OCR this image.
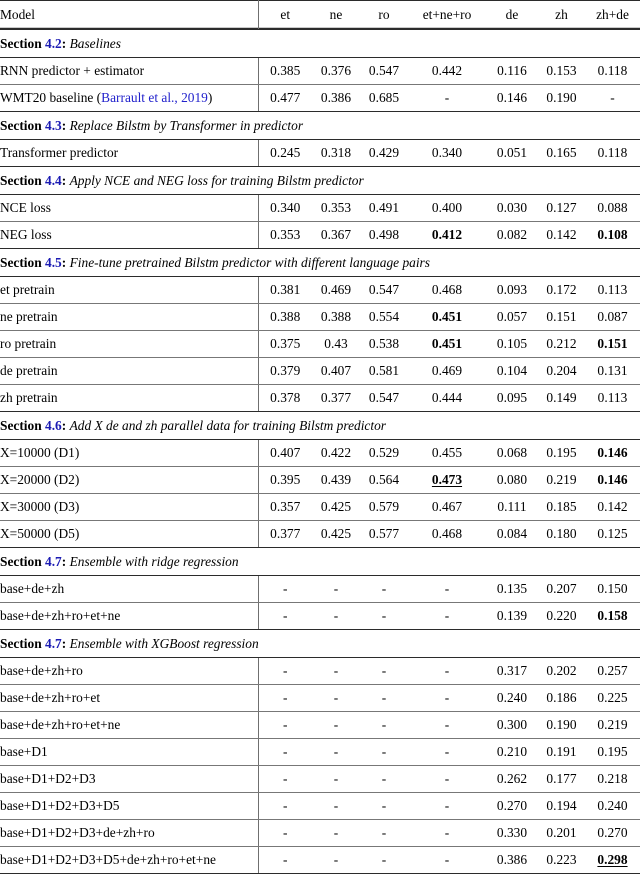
Model	et	ne	ro	et+ne+ro	de	zh	zh+de
Section 4.2: Baselines							
RNN predictor + estimator	0.385	0.376	0.547	0.442	0.116	0.153	0.118
WMT20 baseline (Barrault et al., 2019)	0.477	0.386	0.685	-	0.146	0.190	-
Section 4.3: Replace Bilstm by Transformer in predictor							
Transformer predictor	0.245	0.318	0.429	0.340	0.051	0.165	0.118
Section 4.4: Apply NCE and NEG loss for training Bilstm predictor							
NCE loss	0.340	0.353	0.491	0.400	0.030	0.127	0.088
NEG loss	0.353	0.367	0.498	0.412	0.082	0.142	0.108
Section 4.5: Fine-tune pretrained Bilstm predictor with different language pairs							
et pretrain	0.381	0.469	0.547	0.468	0.093	0.172	0.113
ne pretrain	0.388	0.388	0.554	0.451	0.057	0.151	0.087
ro pretrain	0.375	0.43	0.538	0.451	0.105	0.212	0.151
de pretrain	0.379	0.407	0.581	0.469	0.104	0.204	0.131
zh pretrain	0.378	0.377	0.547	0.444	0.095	0.149	0.113
Section 4.6: Add X de and zh parallel data for training Bilstm predictor							
X=10000 (D1)	0.407	0.422	0.529	0.455	0.068	0.195	0.146
X=20000 (D2)	0.395	0.439	0.564	0.473	0.080	0.219	0.146
X=30000 (D3)	0.357	0.425	0.579	0.467	0.111	0.185	0.142
X=50000 (D5)	0.377	0.425	0.577	0.468	0.084	0.180	0.125
Section 4.7: Ensemble with ridge regression							
base+de+zh	-	-	-	-	0.135	0.207	0.150
base+de+zh+ro+et+ne	-	-	-	-	0.139	0.220	0.158
Section 4.7: Ensemble with XGBoost regression							
base+de+zh+ro	-	-	-	-	0.317	0.202	0.257
base+de+zh+ro+et	-	-	-	-	0.240	0.186	0.225
base+de+zh+ro+et+ne	-	-	-	-	0.300	0.190	0.219
base+D1	-	-	-	-	0.210	0.191	0.195
base+D1+D2+D3	-	-	-	-	0.262	0.177	0.218
base+D1+D2+D3+D5	-	-	-	-	0.270	0.194	0.240
base+D1+D2+D3+de+zh+ro	-	-	-	-	0.330	0.201	0.270
base+D1+D2+D3+D5+de+zh+ro+et+ne	-	-	-	-	0.386	0.223	0.298
